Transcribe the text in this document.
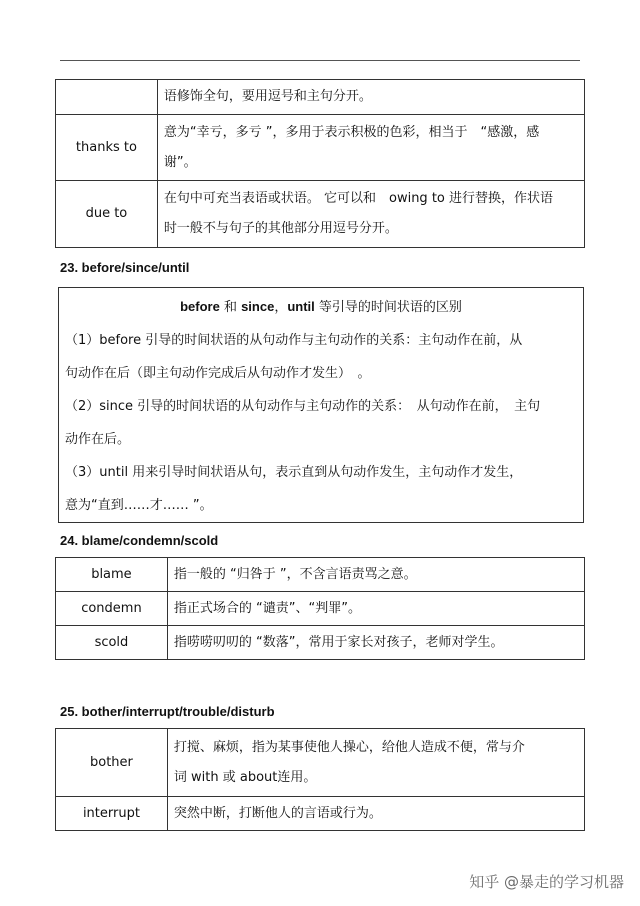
	语修饰全句，要用逗号和主句分开。

thanks to	意为“幸亏，多亏 ”，多用于表示积极的色彩，相当于　“感激，感
谢”。

due to	在句中可充当表语或状语。 它可以和　owing to 进行替换，作状语
时一般不与句子的其他部分用逗号分开。
23. before/since/until
before 和 since，until 等引导的时间状语的区别

（1）before 引导的时间状语的从句动作与主句动作的关系：主句动作在前，从

句动作在后（即主句动作完成后从句动作才发生）　。

（2）since 引导的时间状语的从句动作与主句动作的关系：　从句动作在前，　主句

动作在后。

（3）until 用来引导时间状语从句，表示直到从句动作发生，主句动作才发生，

意为“直到……才…… ”。

24. blame/condemn/scold
blame	指一般的 “归咎于 ”，不含言语责骂之意。
condemn	指正式场合的 “谴责”、“判罪”。
scold	指唠唠叨叨的 “数落”，常用于家长对孩子，老师对学生。
25. bother/interrupt/trouble/disturb
bother	打搅、麻烦，指为某事使他人操心，给他人造成不便，常与介
词 with 或 about连用。

interrupt	突然中断，打断他人的言语或行为。
知乎 @暴走的学习机器
